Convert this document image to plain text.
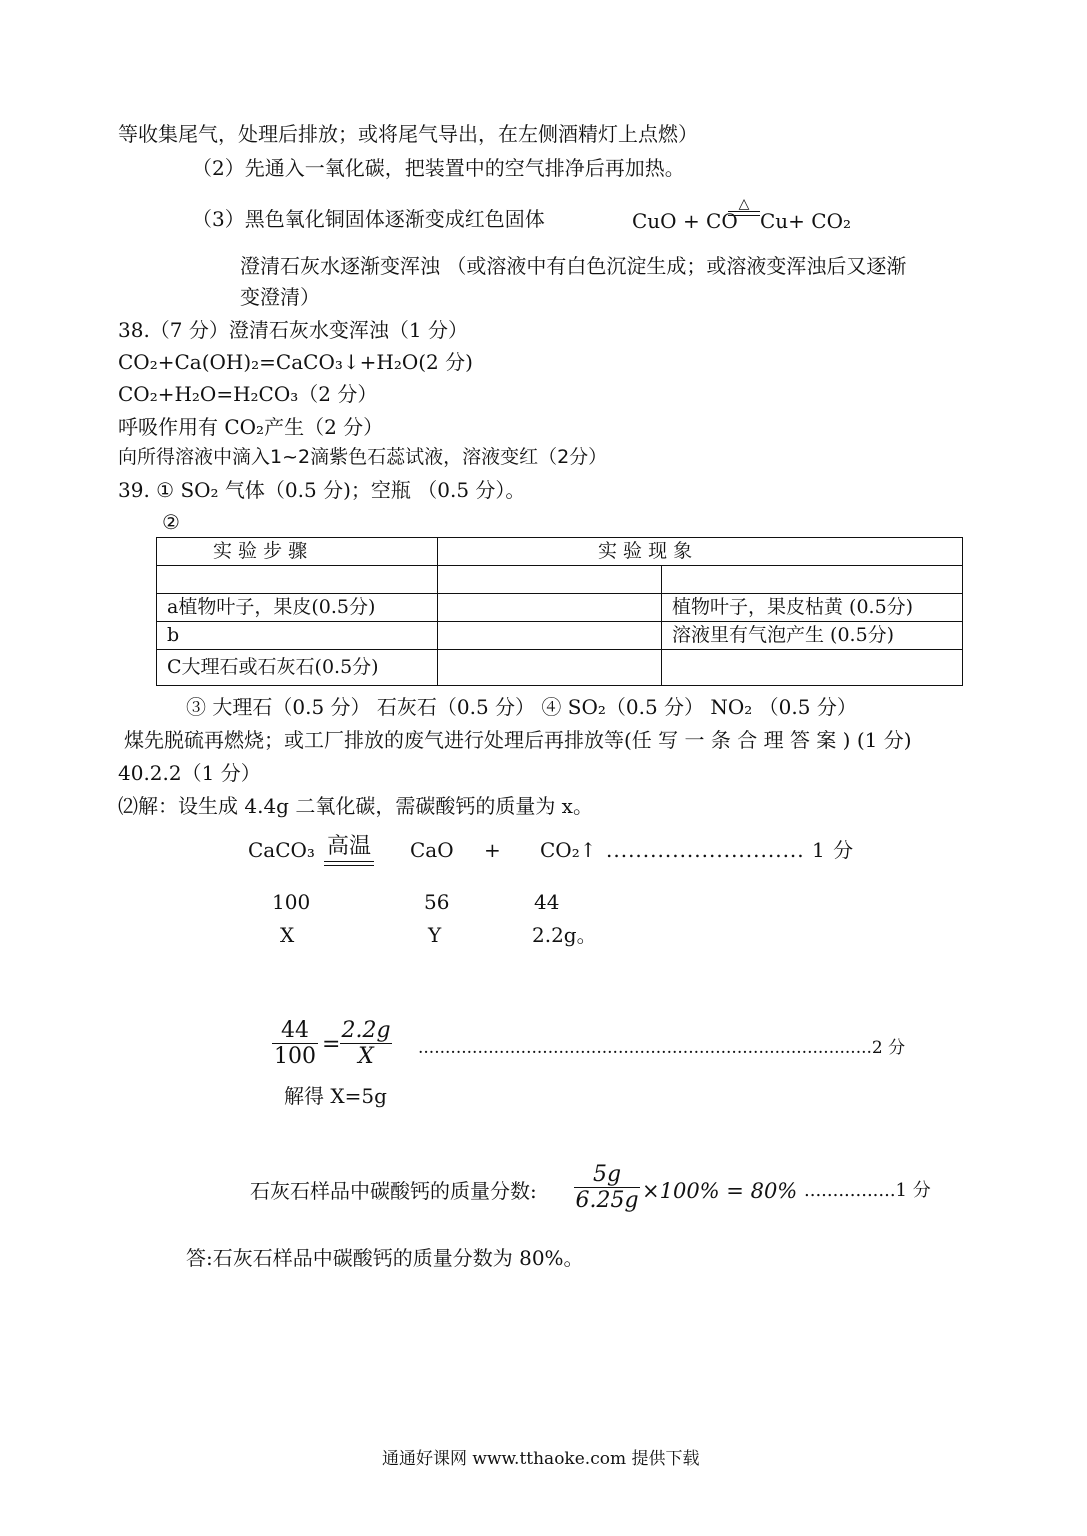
等收集尾气，处理后排放；或将尾气导出，在左侧酒精灯上点燃）
（2）先通入一氧化碳，把装置中的空气排净后再加热。
（3）黑色氧化铜固体逐渐变成红色固体	CuO + CO
△
Cu+ CO₂
澄清石灰水逐渐变浑浊 （或溶液中有白色沉淀生成；或溶液变浑浊后又逐渐
变澄清）
38.（7 分）澄清石灰水变浑浊（1 分）
CO₂+Ca(OH)₂=CaCO₃↓+H₂O(2 分)
CO₂+H₂O=H₂CO₃（2 分）
呼吸作用有 CO₂产生（2 分）
向所得溶液中滴入1~2滴紫色石蕊试液，溶液变红（2分）
39. ① SO₂ 气体（0.5 分)；空瓶 （0.5 分）。
②
实 验 步 骤	实 验 现 象	

a植物叶子，果皮(0.5分)		植物叶子，果皮枯黄 (0.5分)
b		溶液里有气泡产生 (0.5分)
C大理石或石灰石(0.5分)		
③ 大理石（0.5 分） 石灰石（0.5 分） ④ SO₂（0.5 分） NO₂ （0.5 分）
煤先脱硫再燃烧；或工厂排放的废气进行处理后再排放等(任 写 一 条 合 理 答 案 ) (1 分)
40.2.2（1 分）
⑵解：设生成 4.4g 二氧化碳，需碳酸钙的质量为 x。
CaCO₃ 高温 CaO + CO₂↑ ........................... 1 分
100	56	44
X	Y	2.2g。
44
100 =
2.2g
X	....................................................................................2 分
解得 X=5g
石灰石样品中碳酸钙的质量分数:
5g
6.25g ×100% = 80% ................1 分
答:石灰石样品中碳酸钙的质量分数为 80%。
通通好课网 www.tthaoke.com 提供下载
